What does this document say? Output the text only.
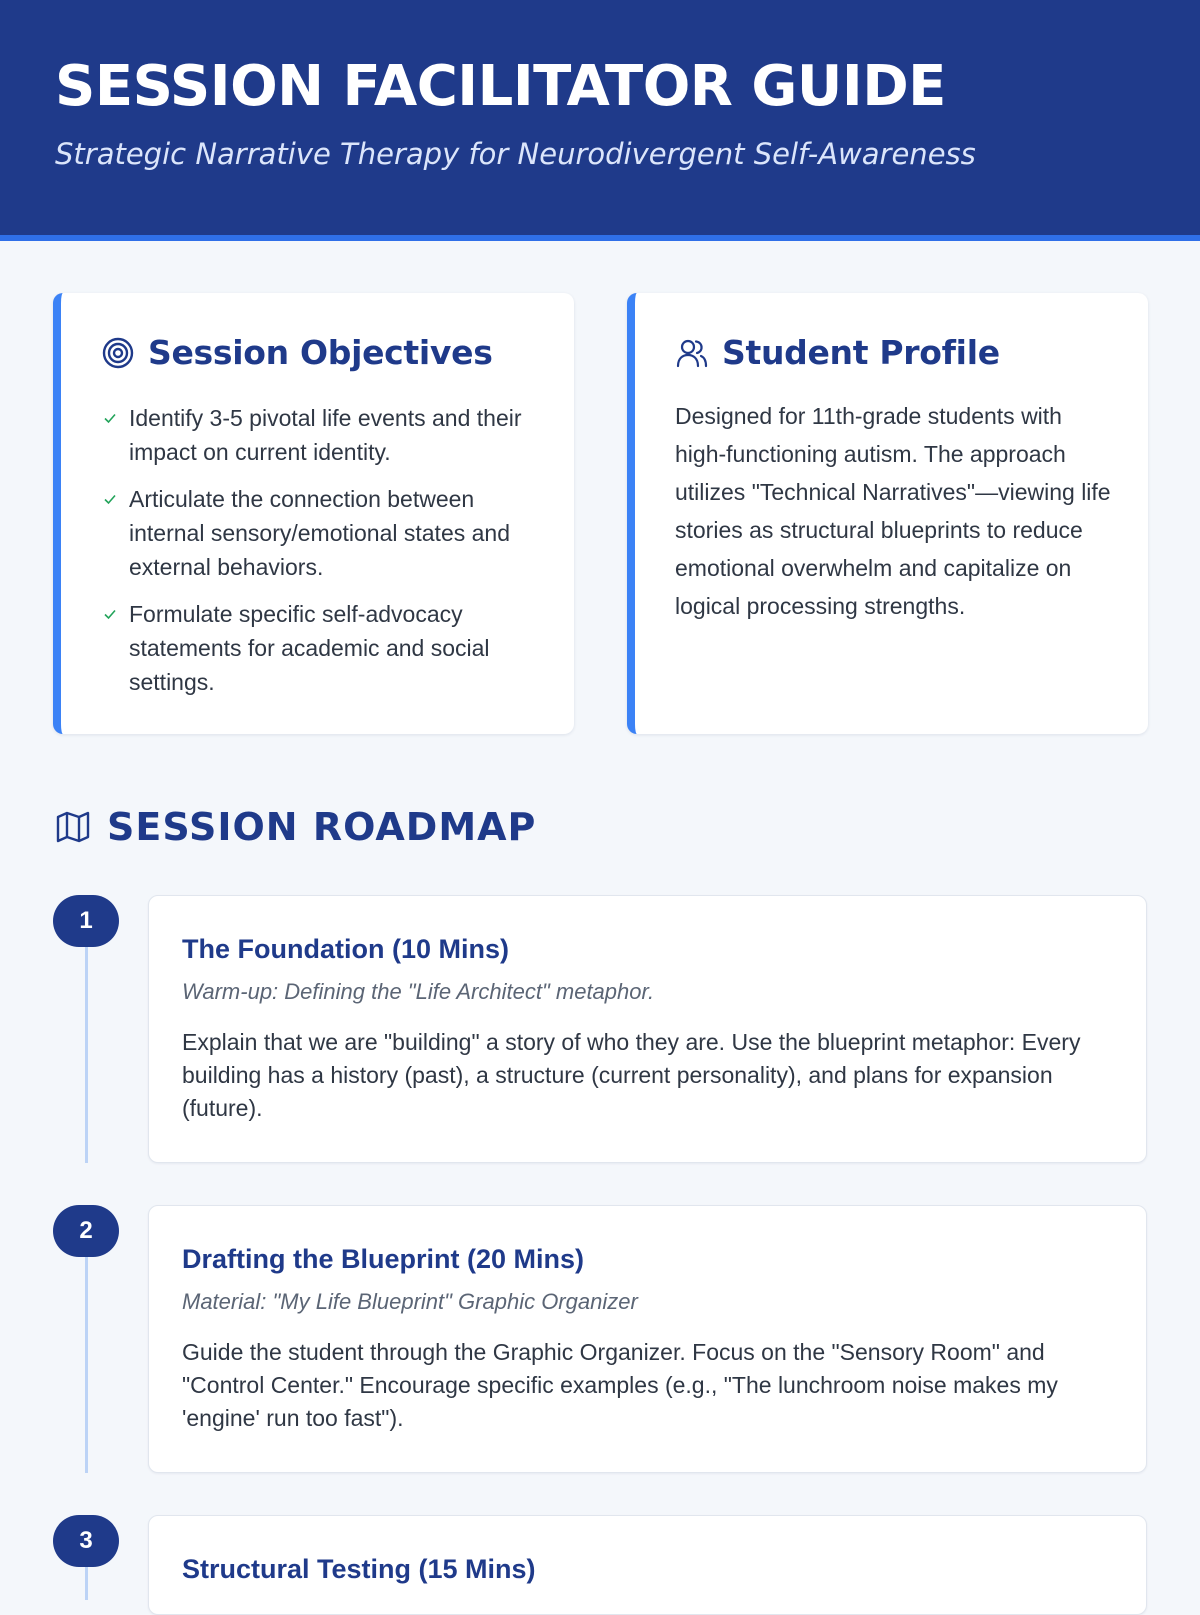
SESSION FACILITATOR GUIDE
Strategic Narrative Therapy for Neurodivergent Self-Awareness
Session Objectives
Identify 3-5 pivotal life events and their impact on current identity.
Articulate the connection between internal sensory/emotional states and external behaviors.
Formulate specific self-advocacy statements for academic and social settings.
Student Profile

Designed for 11th-grade students with high-functioning autism. The approach utilizes "Technical Narratives"—viewing life stories as structural blueprints to reduce emotional overwhelm and capitalize on logical processing strengths.

SESSION ROADMAP
1
The Foundation (10 Mins)
Warm-up: Defining the "Life Architect" metaphor.

Explain that we are "building" a story of who they are. Use the blueprint metaphor: Every building has a history (past), a structure (current personality), and plans for expansion (future).

2
Drafting the Blueprint (20 Mins)
Material: "My Life Blueprint" Graphic Organizer

Guide the student through the Graphic Organizer. Focus on the "Sensory Room" and "Control Center." Encourage specific examples (e.g., "The lunchroom noise makes my 'engine' run too fast").

3
Structural Testing (15 Mins)
